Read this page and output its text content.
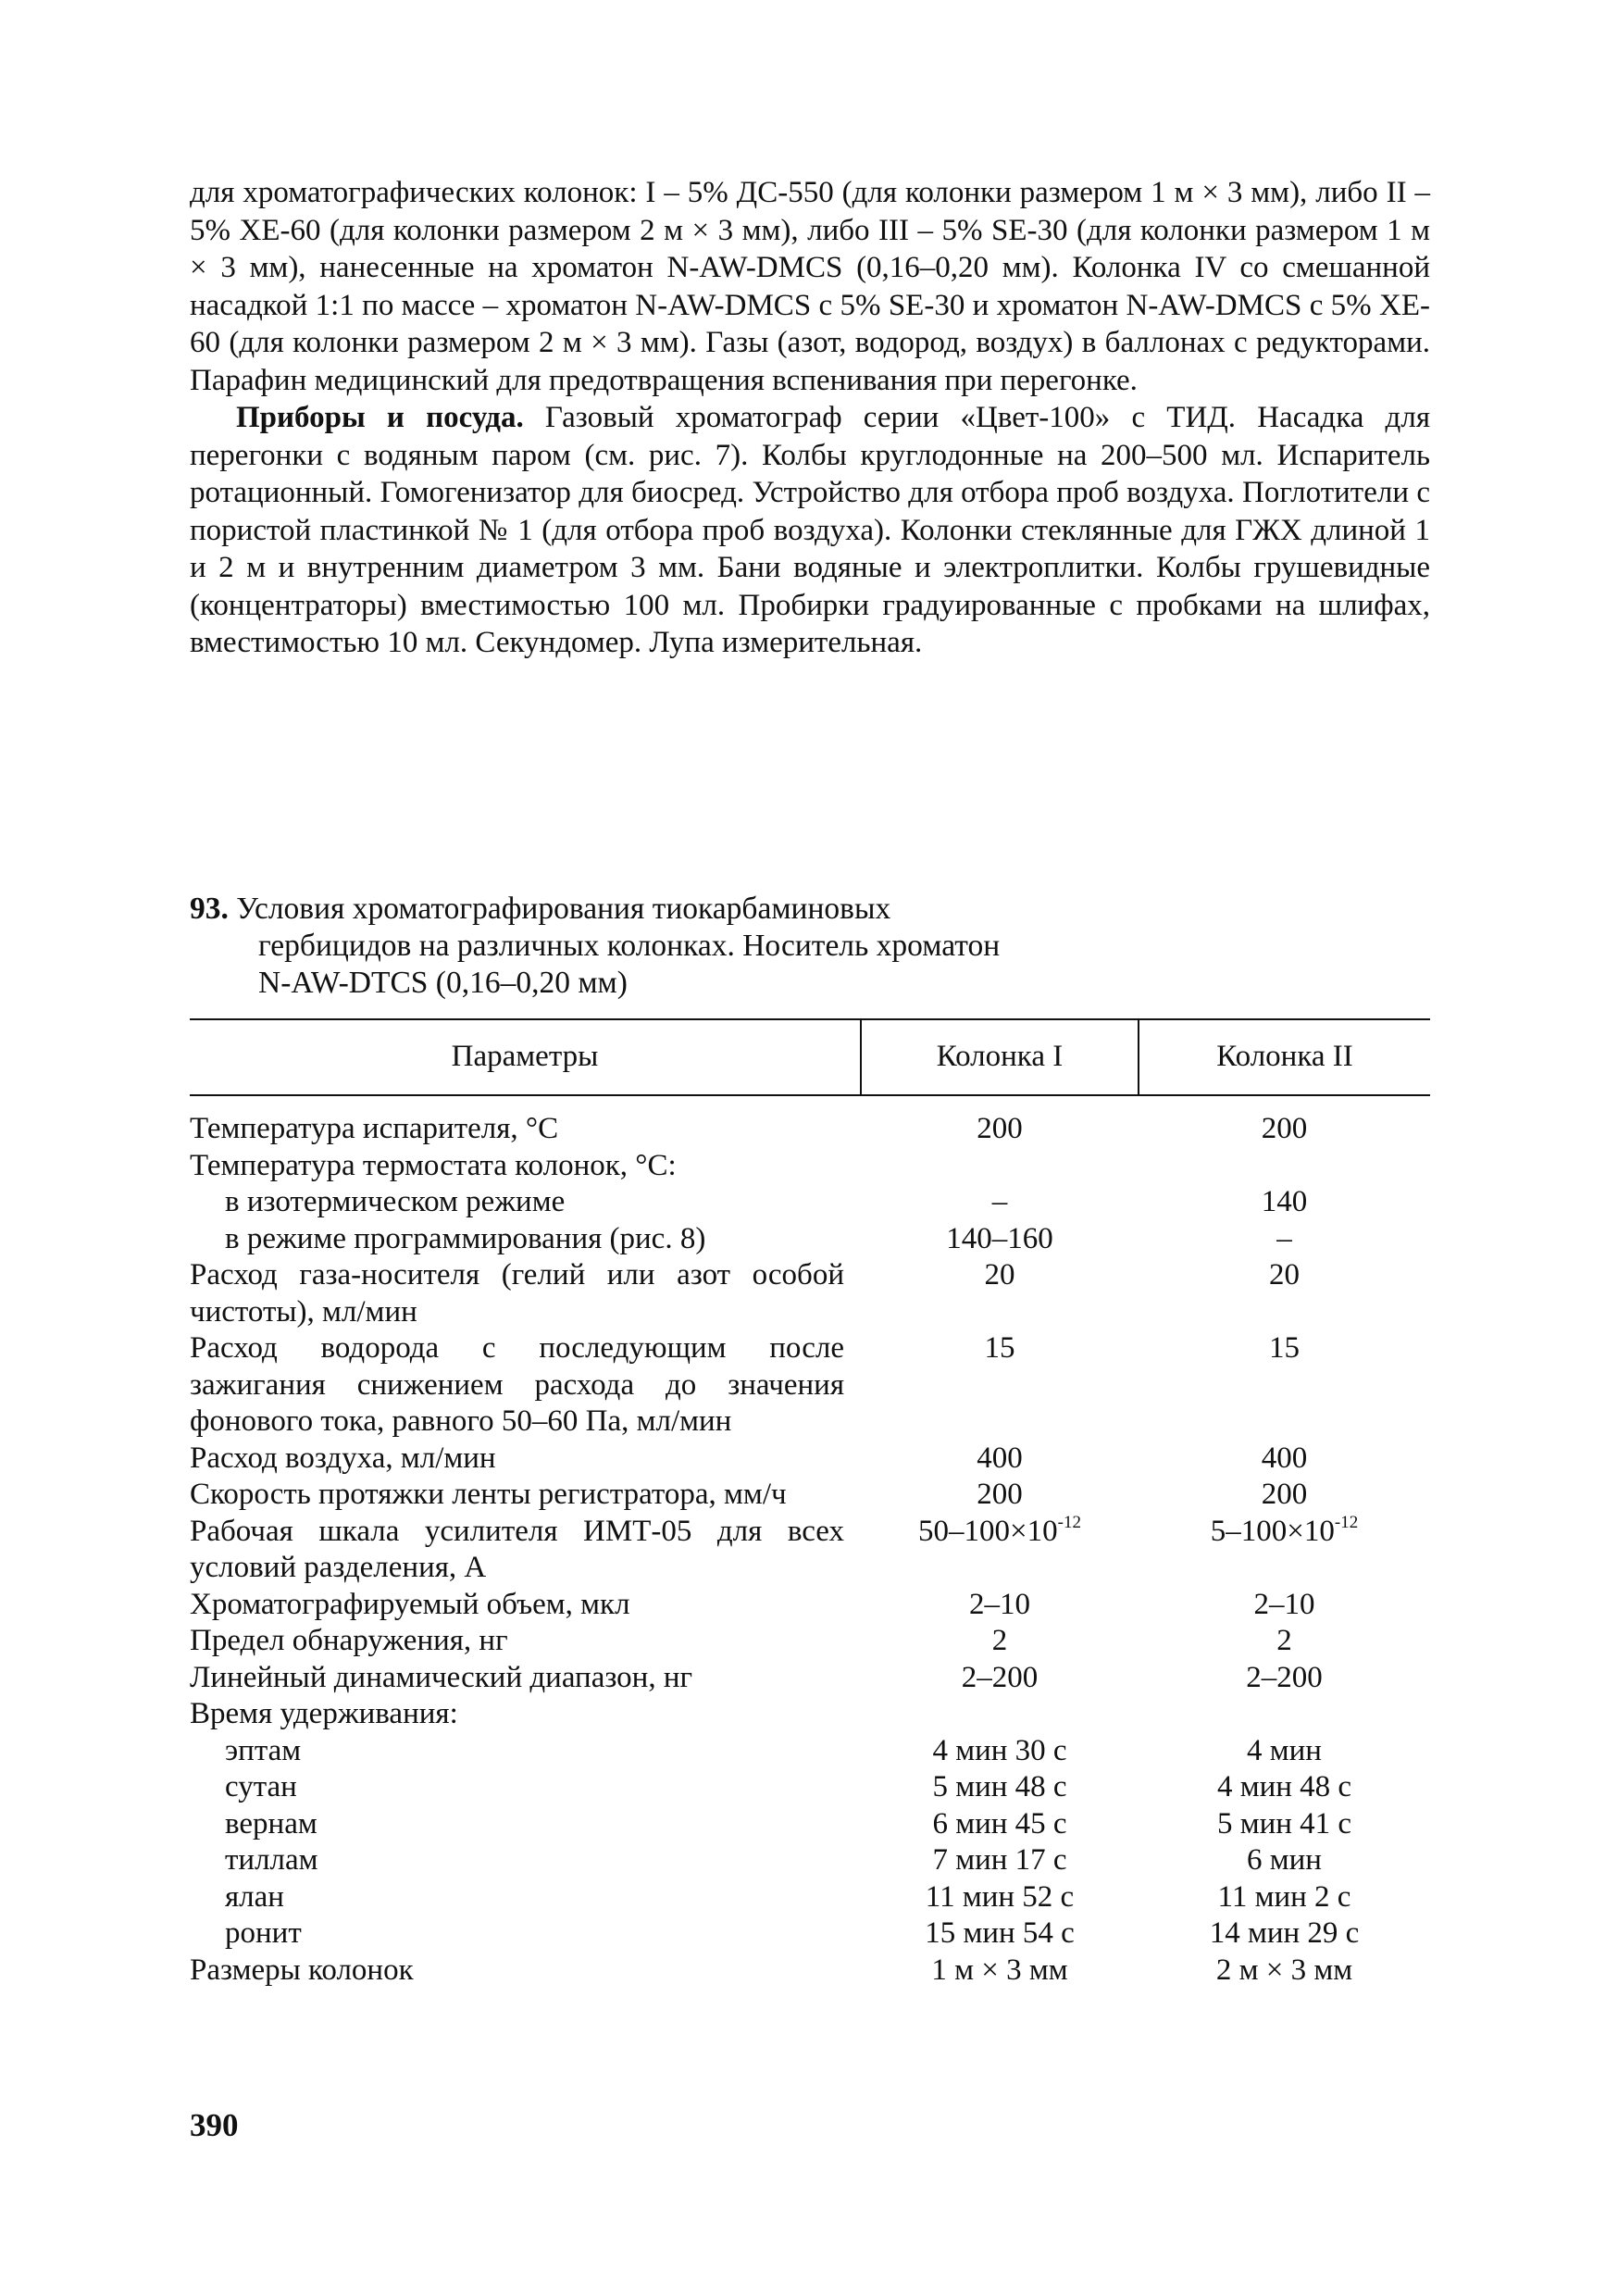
для хроматографических колонок: I – 5% ДС-550 (для колонки размером 1 м × 3 мм), либо II – 5% XE-60 (для колонки размером 2 м × 3 мм), либо III – 5% SE-30 (для колонки размером 1 м × 3 мм), нанесенные на хроматон N-AW-DMCS (0,16–0,20 мм). Колонка IV со смешанной насадкой 1:1 по массе – хроматон N-AW-DMCS с 5% SE-30 и хроматон N-AW-DMCS с 5% XE-60 (для колонки размером 2 м × 3 мм). Газы (азот, водород, воздух) в баллонах с редукторами. Парафин медицинский для предотвращения вспенивания при перегонке.

Приборы и посуда. Газовый хроматограф серии «Цвет-100» с ТИД. Насадка для перегонки с водяным паром (см. рис. 7). Колбы круглодонные на 200–500 мл. Испаритель ротационный. Гомогенизатор для биосред. Устройство для отбора проб воздуха. Поглотители с пористой пластинкой № 1 (для отбора проб воздуха). Колонки стеклянные для ГЖХ длиной 1 и 2 м и внутренним диаметром 3 мм. Бани водяные и электроплитки. Колбы грушевидные (концентраторы) вместимостью 100 мл. Пробирки градуированные с пробками на шлифах, вместимостью 10 мл. Секундомер. Лупа измерительная.

93. Условия хроматографирования тиокарбаминовых
гербицидов на различных колонках. Носитель хроматон
N-AW-DTCS (0,16–0,20 мм)
Параметры	Колонка I	Колонка II
Температура испарителя, °С	200	200
Температура термостата колонок, °С:		
в изотермическом режиме	–	140
в режиме программирования (рис. 8)	140–160	–
Расход газа-носителя (гелий или азот особой чистоты), мл/мин	20	20
Расход водорода с последующим после зажигания снижением расхода до значения фонового тока, равного 50–60 Па, мл/мин	15	15
Расход воздуха, мл/мин	400	400
Скорость протяжки ленты регистратора, мм/ч	200	200
Рабочая шкала усилителя ИМТ-05 для всех условий разделения, А	$50-100\times 10^{-12}$	$5-100\times 10^{-12}$
Хроматографируемый объем, мкл	2–10	2–10
Предел обнаружения, нг	2	2
Линейный динамический диапазон, нг	2–200	2–200
Время удерживания:		
эптам	4 мин 30 с	4 мин
сутан	5 мин 48 с	4 мин 48 с
вернам	6 мин 45 с	5 мин 41 с
тиллам	7 мин 17 с	6 мин
ялан	11 мин 52 с	11 мин 2 с
ронит	15 мин 54 с	14 мин 29 с
Размеры колонок	1 м × 3 мм	2 м × 3 мм
390
